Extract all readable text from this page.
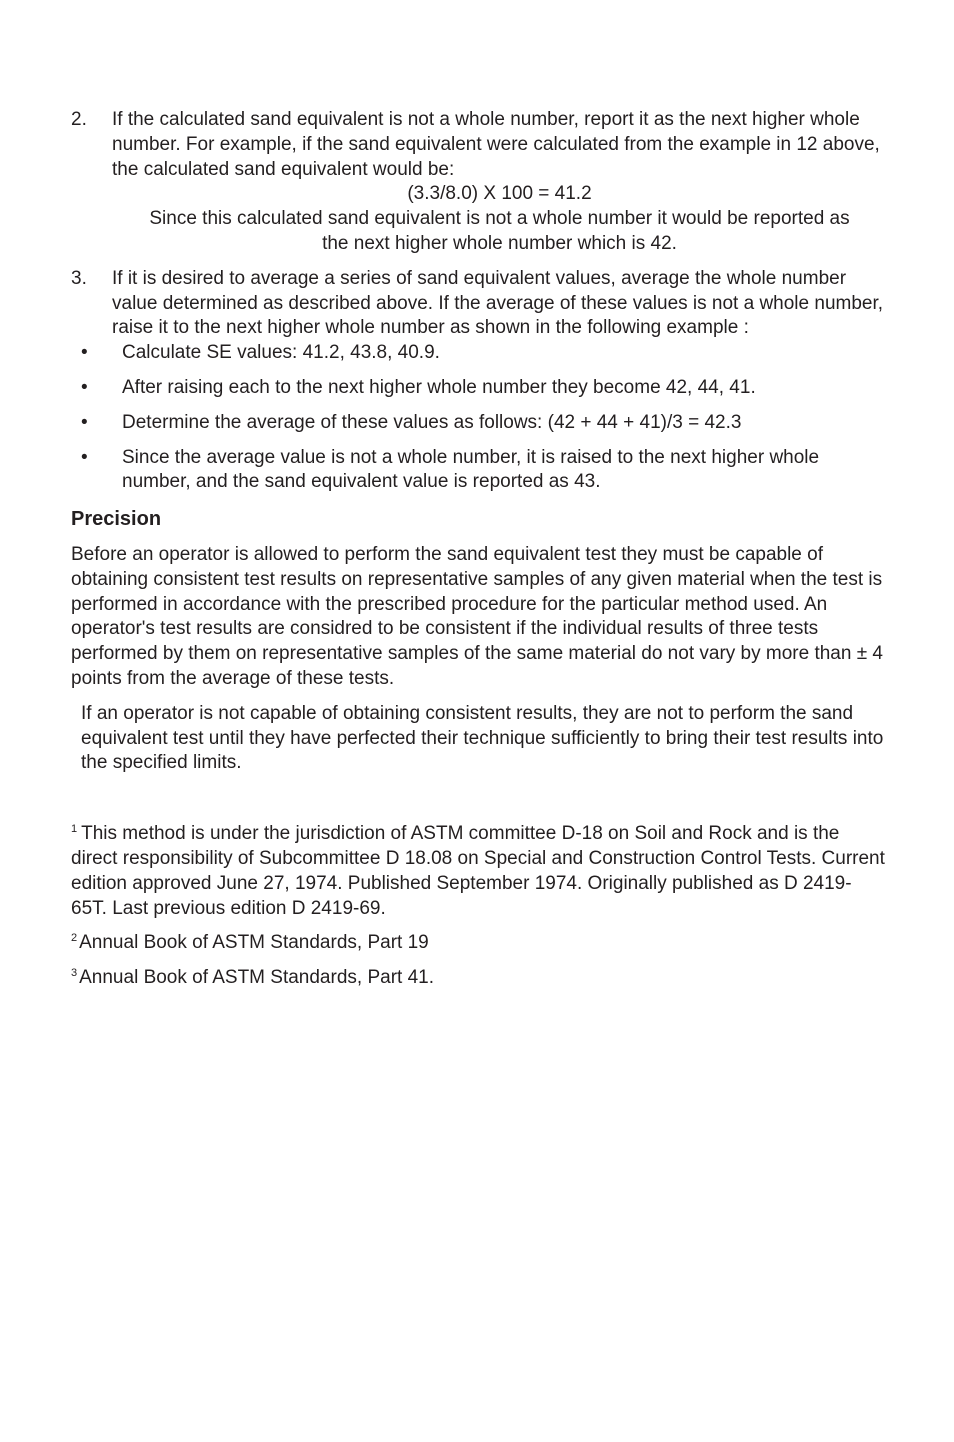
2. If the calculated sand equivalent is not a whole number, report it as the next higher whole number. For example, if the sand equivalent were calculated from the example in 12 above, the calculated sand equivalent would be:
(3.3/8.0) X 100 = 41.2
Since this calculated sand equivalent is not a whole number it would be reported as
the next higher whole number which is 42.
3. If it is desired to average a series of sand equivalent values, average the whole number value determined as described above. If the average of these values is not a whole number, raise it to the next higher whole number as shown in the following example :
• Calculate SE values: 41.2, 43.8, 40.9.
• After raising each to the next higher whole number they become 42, 44, 41.
• Determine the average of these values as follows: (42 + 44 + 41)/3 = 42.3
• Since the average value is not a whole number, it is raised to the next higher whole number, and the sand equivalent value is reported as 43.
Precision

Before an operator is allowed to perform the sand equivalent test they must be capable of obtaining consistent test results on representative samples of any given material when the test is performed in accordance with the prescribed procedure for the particular method used. An operator's test results are considred to be consistent if the individual results of three tests performed by them on representative samples of the same material do not vary by more than ± 4 points from the average of these tests.

If an operator is not capable of obtaining consistent results, they are not to perform the sand equivalent test until they have perfected their technique sufficiently to bring their test results into the specified limits.

$^1$ This method is under the jurisdiction of ASTM committee D-18 on Soil and Rock and is the direct responsibility of Subcommittee D 18.08 on Special and Construction Control Tests. Current edition approved June 27, 1974. Published September 1974. Originally published as D 2419-65T. Last previous edition D 2419-69.
$^2$ Annual Book of ASTM Standards, Part 19
$^3$ Annual Book of ASTM Standards, Part 41.
